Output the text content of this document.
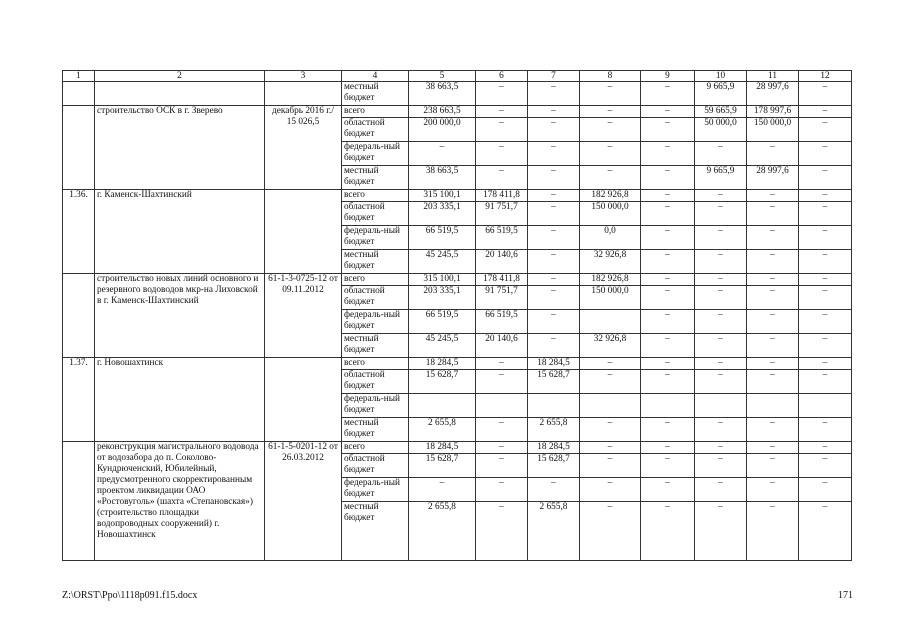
1	2	3	4	5	6	7	8	9	10	11	12
			местный бюджет	38 663,5	–	–	–	–	9 665,9	28 997,6	–
	строительство ОСК в г. Зверево	декабрь 2016 г./ 15 026,5	всего	238 663,5	–	–	–	–	59 665,9	178 997,6	–
			областной бюджет	200 000,0	–	–	–	–	50 000,0	150 000,0	–
			федераль-ный бюджет	–	–	–	–	–	–	–	–
			местный бюджет	38 663,5	–	–	–	–	9 665,9	28 997,6	–
1.36.	г. Каменск-Шахтинский		всего	315 100,1	178 411,8	–	182 926,8	–	–	–	–
			областной бюджет	203 335,1	91 751,7	–	150 000,0	–	–	–	–
			федераль-ный бюджет	66 519,5	66 519,5	–	0,0	–	–	–	–
			местный бюджет	45 245,5	20 140,6	–	32 926,8	–	–	–	–
	строительство новых линий основного и резервного водоводов мкр-на Лиховской в г. Каменск-Шахтинский	61-1-3-0725-12 от 09.11.2012	всего	315 100,1	178 411,8	–	182 926,8	–	–	–	–
			областной бюджет	203 335,1	91 751,7	–	150 000,0	–	–	–	–
			федераль-ный бюджет	66 519,5	66 519,5	–		–	–	–	–
			местный бюджет	45 245,5	20 140,6	–	32 926,8	–	–	–	–
1.37.	г. Новошахтинск		всего	18 284,5	–	18 284,5	–	–	–	–	–
			областной бюджет	15 628,7	–	15 628,7	–	–	–	–	–
			федераль-ный бюджет								
			местный бюджет	2 655,8	–	2 655,8	–	–	–	–	–
	реконструкция магистрального водовода от водозабора до п. Соколово-Кундрюченский, Юбилейный, предусмотренного скорректированным проектом ликвидации ОАО «Ростовуголь» (шахта «Степановская») (строительство площадки водопроводных сооружений) г. Новошахтинск	61-1-5-0201-12 от 26.03.2012	всего	18 284,5	–	18 284,5	–	–	–	–	–
			областной бюджет	15 628,7	–	15 628,7	–	–	–	–	–
			федераль-ный бюджет	–	–	–	–	–	–	–	–
			местный бюджет	2 655,8	–	2 655,8	–	–	–	–	–
Z:\ORST\Ppo\1118p091.f15.docx	171
